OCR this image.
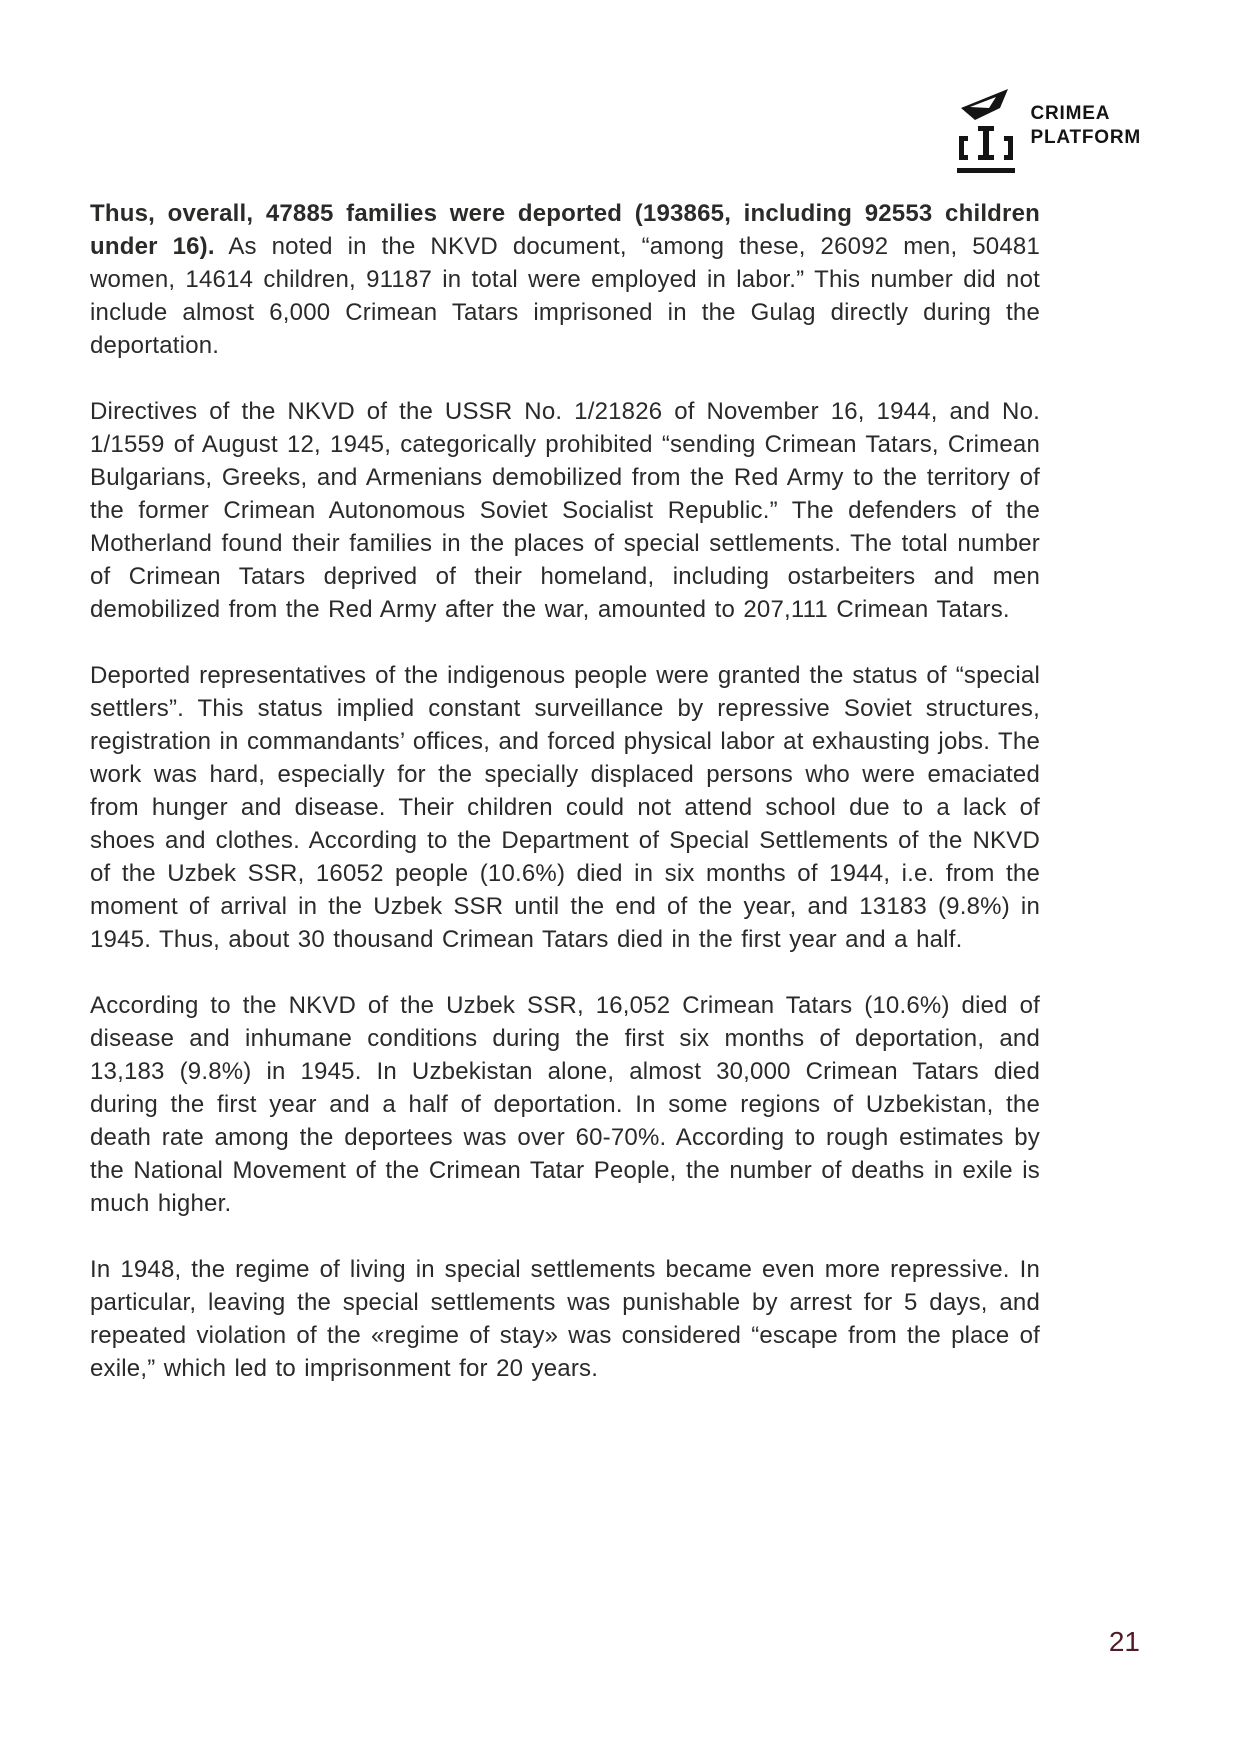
CRIMEA
PLATFORM

Thus, overall, 47885 families were deported (193865, including 92553 children under 16). As noted in the NKVD document, “among these, 26092 men, 50481 women, 14614 children, 91187 in total were employed in labor.” This number did not include almost 6,000 Crimean Tatars imprisoned in the Gulag directly during the deportation.

Directives of the NKVD of the USSR No. 1/21826 of November 16, 1944, and No. 1/1559 of August 12, 1945, categorically prohibited “sending Crimean Tatars, Crimean Bulgarians, Greeks, and Armenians demobilized from the Red Army to the territory of the former Crimean Autonomous Soviet Socialist Republic.” The defenders of the Motherland found their families in the places of special settlements. The total number of Crimean Tatars deprived of their homeland, including ostarbeiters and men demobilized from the Red Army after the war, amounted to 207,111 Crimean Tatars.

Deported representatives of the indigenous people were granted the status of “special settlers”. This status implied constant surveillance by repressive Soviet structures, registration in commandants’ offices, and forced physical labor at exhausting jobs. The work was hard, especially for the specially displaced persons who were emaciated from hunger and disease. Their children could not attend school due to a lack of shoes and clothes. According to the Department of Special Settlements of the NKVD of the Uzbek SSR, 16052 people (10.6%) died in six months of 1944, i.e. from the moment of arrival in the Uzbek SSR until the end of the year, and 13183 (9.8%) in 1945. Thus, about 30 thousand Crimean Tatars died in the first year and a half.

According to the NKVD of the Uzbek SSR, 16,052 Crimean Tatars (10.6%) died of disease and inhumane conditions during the first six months of deportation, and 13,183 (9.8%) in 1945. In Uzbekistan alone, almost 30,000 Crimean Tatars died during the first year and a half of deportation. In some regions of Uzbekistan, the death rate among the deportees was over 60-70%. According to rough estimates by the National Movement of the Crimean Tatar People, the number of deaths in exile is much higher.

In 1948, the regime of living in special settlements became even more repressive. In particular, leaving the special settlements was punishable by arrest for 5 days, and repeated violation of the «regime of stay» was considered “escape from the place of exile,” which led to imprisonment for 20 years.

21
